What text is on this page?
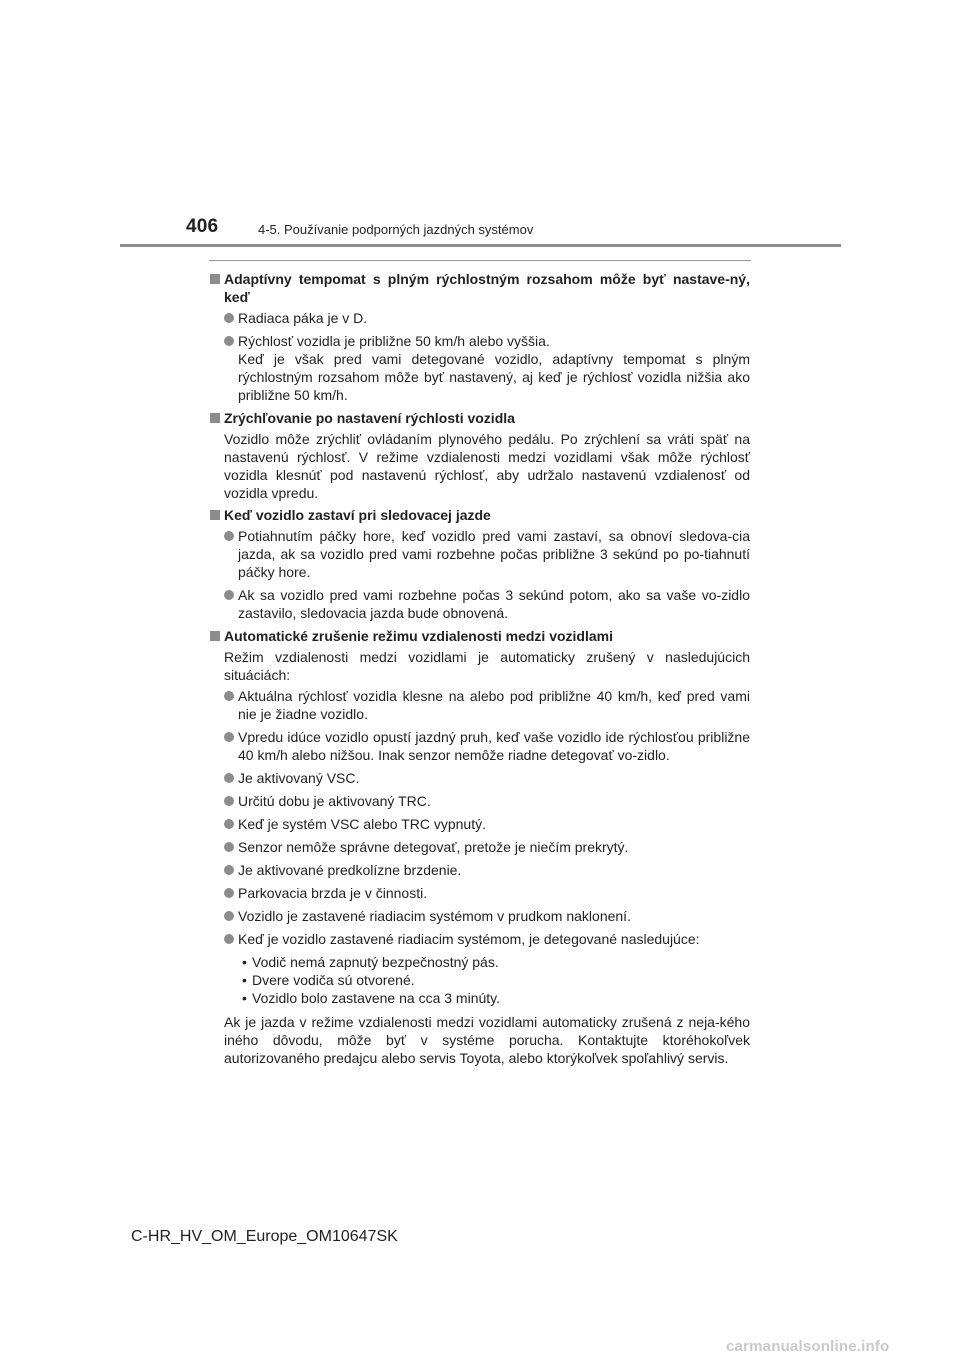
406	4-5. Používanie podporných jazdných systémov
Adaptívny tempomat s plným rýchlostným rozsahom môže byť nastave-ný, keď
Radiaca páka je v D.
Rýchlosť vozidla je približne 50 km/h alebo vyššia.
Keď je však pred vami detegované vozidlo, adaptívny tempomat s plným rýchlostným rozsahom môže byť nastavený, aj keď je rýchlosť vozidla nižšia ako približne 50 km/h.
Zrýchľovanie po nastavení rýchlosti vozidla
Vozidlo môže zrýchliť ovládaním plynového pedálu. Po zrýchlení sa vráti späť na nastavenú rýchlosť. V režime vzdialenosti medzi vozidlami však môže rýchlosť vozidla klesnúť pod nastavenú rýchlosť, aby udržalo nastavenú vzdialenosť od vozidla vpredu.
Keď vozidlo zastaví pri sledovacej jazde
Potiahnutím páčky hore, keď vozidlo pred vami zastaví, sa obnoví sledova-cia jazda, ak sa vozidlo pred vami rozbehne počas približne 3 sekúnd po po-tiahnutí páčky hore.
Ak sa vozidlo pred vami rozbehne počas 3 sekúnd potom, ako sa vaše vo-zidlo zastavilo, sledovacia jazda bude obnovená.
Automatické zrušenie režimu vzdialenosti medzi vozidlami
Režim vzdialenosti medzi vozidlami je automaticky zrušený v nasledujúcich situáciách:
Aktuálna rýchlosť vozidla klesne na alebo pod približne 40 km/h, keď pred vami nie je žiadne vozidlo.
Vpredu idúce vozidlo opustí jazdný pruh, keď vaše vozidlo ide rýchlosťou približne 40 km/h alebo nižšou. Inak senzor nemôže riadne detegovať vo-zidlo.
Je aktivovaný VSC.
Určitú dobu je aktivovaný TRC.
Keď je systém VSC alebo TRC vypnutý.
Senzor nemôže správne detegovať, pretože je niečím prekrytý.
Je aktivované predkolízne brzdenie.
Parkovacia brzda je v činnosti.
Vozidlo je zastavené riadiacim systémom v prudkom naklonení.
Keď je vozidlo zastavené riadiacim systémom, je detegované nasledujúce:
• Vodič nemá zapnutý bezpečnostný pás.
• Dvere vodiča sú otvorené.
• Vozidlo bolo zastavene na cca 3 minúty.
Ak je jazda v režime vzdialenosti medzi vozidlami automaticky zrušená z neja-kého iného dôvodu, môže byť v systéme porucha. Kontaktujte ktoréhokoľvek autorizovaného predajcu alebo servis Toyota, alebo ktorýkoľvek spoľahlivý servis.
C-HR_HV_OM_Europe_OM10647SK
carmanualsonline.info
